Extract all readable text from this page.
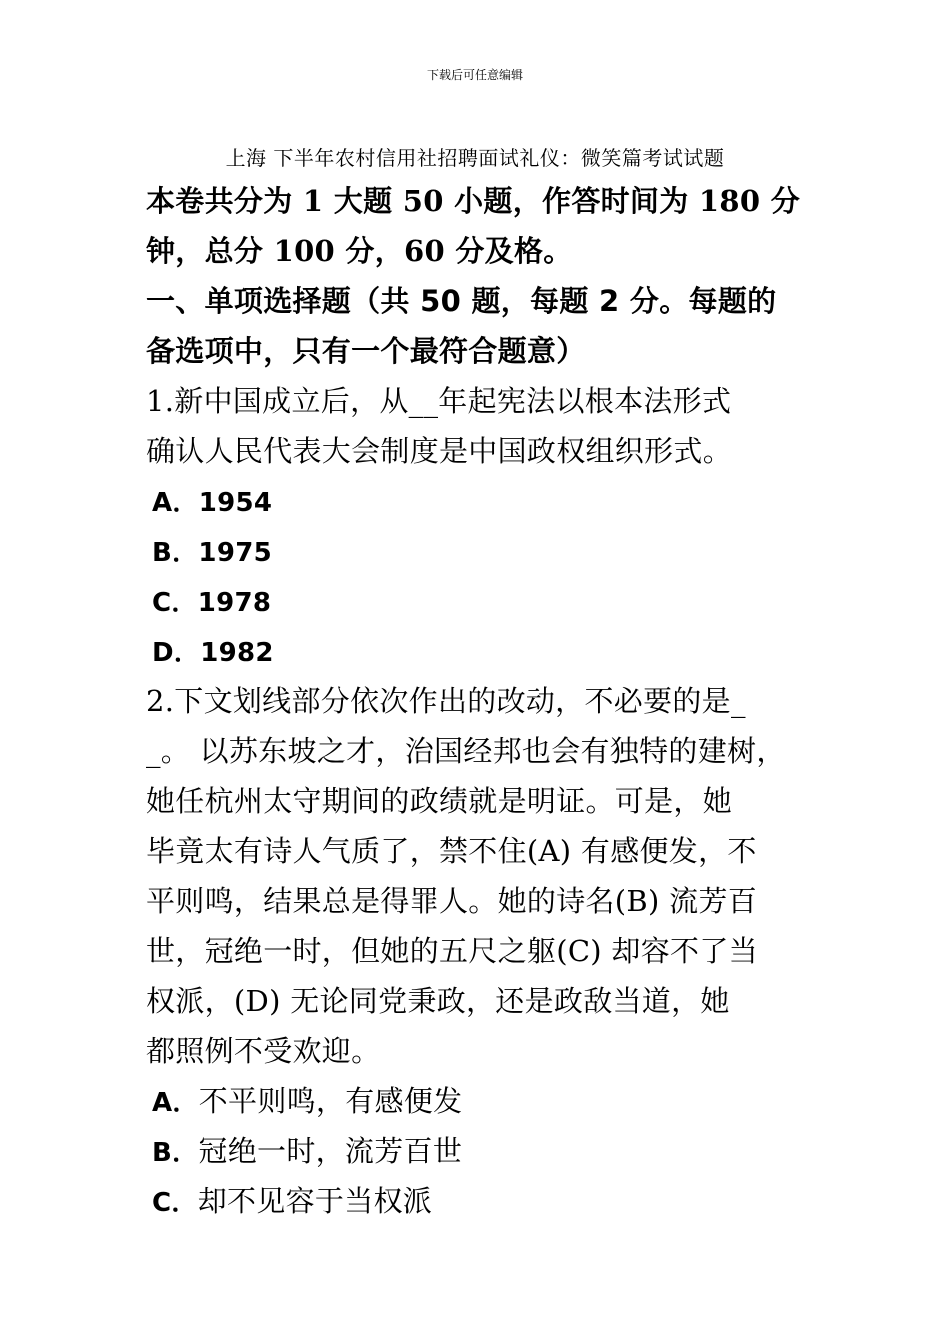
下载后可任意编辑
上海 下半年农村信用社招聘面试礼仪：微笑篇考试试题
本卷共分为 1 大题 50 小题，作答时间为 180 分
钟，总分 100 分，60 分及格。
一、单项选择题（共 50 题，每题 2 分。每题的
备选项中，只有一个最符合题意）
1.新中国成立后，从__年起宪法以根本法形式
确认人民代表大会制度是中国政权组织形式。
A．1954
B．1975
C．1978
D．1982
2.下文划线部分依次作出的改动，不必要的是_
_。 以苏东坡之才，治国经邦也会有独特的建树，
她任杭州太守期间的政绩就是明证。可是，她
毕竟太有诗人气质了，禁不住(A) 有感便发，不
平则鸣，结果总是得罪人。她的诗名(B) 流芳百
世，冠绝一时，但她的五尺之躯(C) 却容不了当
权派，(D) 无论同党秉政，还是政敌当道，她
都照例不受欢迎。
A．不平则鸣，有感便发
B．冠绝一时，流芳百世
C．却不见容于当权派
